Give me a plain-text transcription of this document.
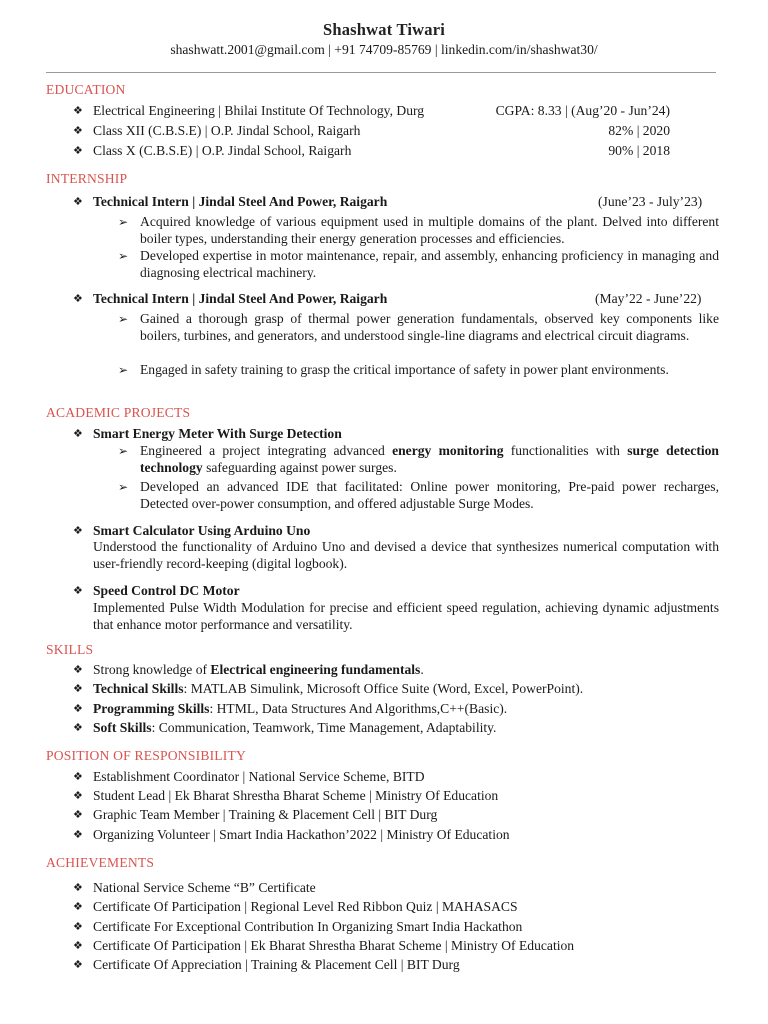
Shashwat Tiwari
shashwatt.2001@gmail.com | +91 74709-85769 | linkedin.com/in/shashwat30/
EDUCATION
❖ Electrical Engineering | Bhilai Institute Of Technology, Durg	CGPA: 8.33 | (Aug’20 - Jun’24)
❖ Class XII (C.B.S.E) | O.P. Jindal School, Raigarh	82% | 2020
❖ Class X (C.B.S.E) | O.P. Jindal School, Raigarh	90% | 2018
INTERNSHIP
❖ Technical Intern | Jindal Steel And Power, Raigarh	(June’23 - July’23)
➢ Acquired knowledge of various equipment used in multiple domains of the plant. Delved into different boiler types, understanding their energy generation processes and efficiencies.
➢ Developed expertise in motor maintenance, repair, and assembly, enhancing proficiency in managing and diagnosing electrical machinery.
❖ Technical Intern | Jindal Steel And Power, Raigarh	(May’22 - June’22)
➢ Gained a thorough grasp of thermal power generation fundamentals, observed key components like boilers, turbines, and generators, and understood single-line diagrams and electrical circuit diagrams.
➢ Engaged in safety training to grasp the critical importance of safety in power plant environments.
ACADEMIC PROJECTS
❖ Smart Energy Meter With Surge Detection
➢ Engineered a project integrating advanced energy monitoring functionalities with surge detection technology safeguarding against power surges.
➢ Developed an advanced IDE that facilitated: Online power monitoring, Pre-paid power recharges, Detected over-power consumption, and offered adjustable Surge Modes.
❖ Smart Calculator Using Arduino Uno
Understood the functionality of Arduino Uno and devised a device that synthesizes numerical computation with user-friendly record-keeping (digital logbook).
❖ Speed Control DC Motor
Implemented Pulse Width Modulation for precise and efficient speed regulation, achieving dynamic adjustments that enhance motor performance and versatility.
SKILLS
❖ Strong knowledge of Electrical engineering fundamentals.
❖ Technical Skills: MATLAB Simulink, Microsoft Office Suite (Word, Excel, PowerPoint).
❖ Programming Skills: HTML, Data Structures And Algorithms,C++(Basic).
❖ Soft Skills: Communication, Teamwork, Time Management, Adaptability.
POSITION OF RESPONSIBILITY
❖ Establishment Coordinator | National Service Scheme, BITD
❖ Student Lead | Ek Bharat Shrestha Bharat Scheme | Ministry Of Education
❖ Graphic Team Member | Training & Placement Cell | BIT Durg
❖ Organizing Volunteer | Smart India Hackathon’2022 | Ministry Of Education
ACHIEVEMENTS
❖ National Service Scheme “B” Certificate
❖ Certificate Of Participation | Regional Level Red Ribbon Quiz | MAHASACS
❖ Certificate For Exceptional Contribution In Organizing Smart India Hackathon
❖ Certificate Of Participation | Ek Bharat Shrestha Bharat Scheme | Ministry Of Education
❖ Certificate Of Appreciation | Training & Placement Cell | BIT Durg
